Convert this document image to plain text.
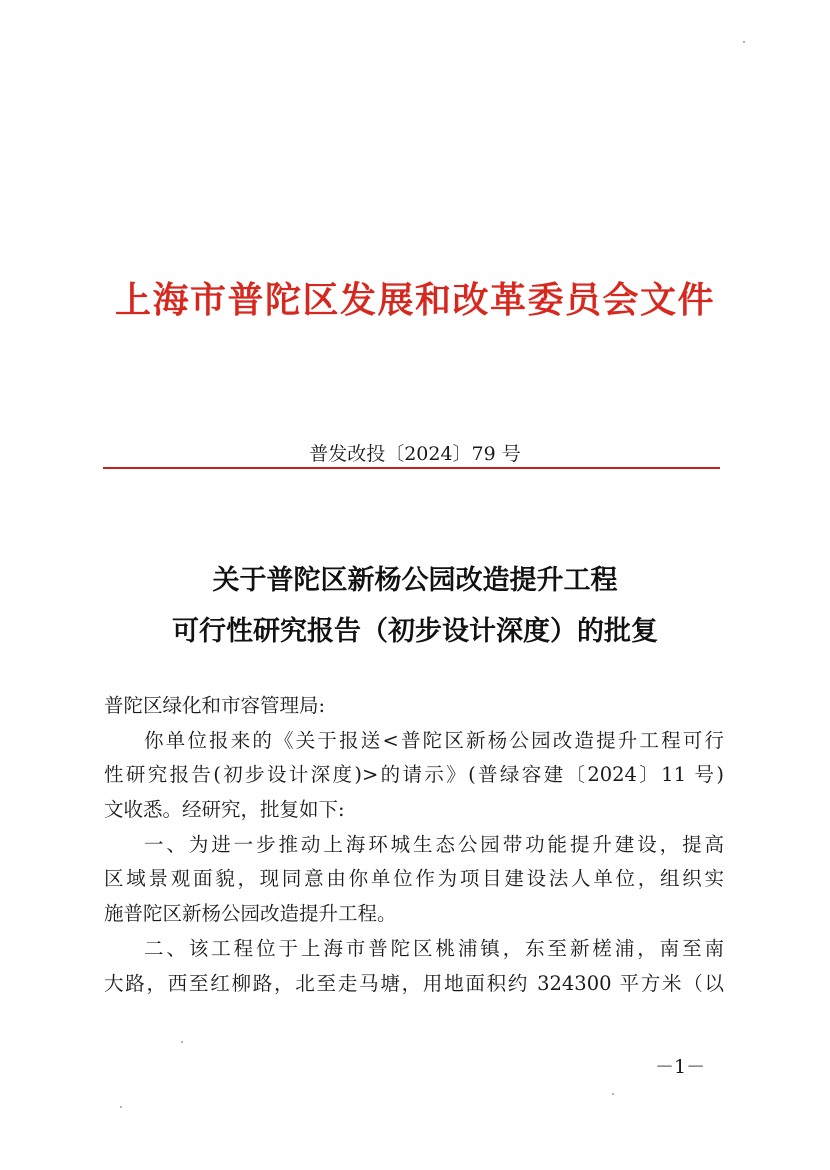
上海市普陀区发展和改革委员会文件
普发改投〔2024〕79 号
关于普陀区新杨公园改造提升工程
可行性研究报告（初步设计深度）的批复
普陀区绿化和市容管理局:
你单位报来的《关于报送<普陀区新杨公园改造提升工程可行
性研究报告(初步设计深度)>的请示》(普绿容建〔2024〕11 号)
文收悉。经研究，批复如下:
一、为进一步推动上海环城生态公园带功能提升建设，提高
区域景观面貌，现同意由你单位作为项目建设法人单位，组织实
施普陀区新杨公园改造提升工程。
二、该工程位于上海市普陀区桃浦镇，东至新槎浦，南至南
大路，西至红柳路，北至走马塘，用地面积约 324300 平方米（以
－1－
